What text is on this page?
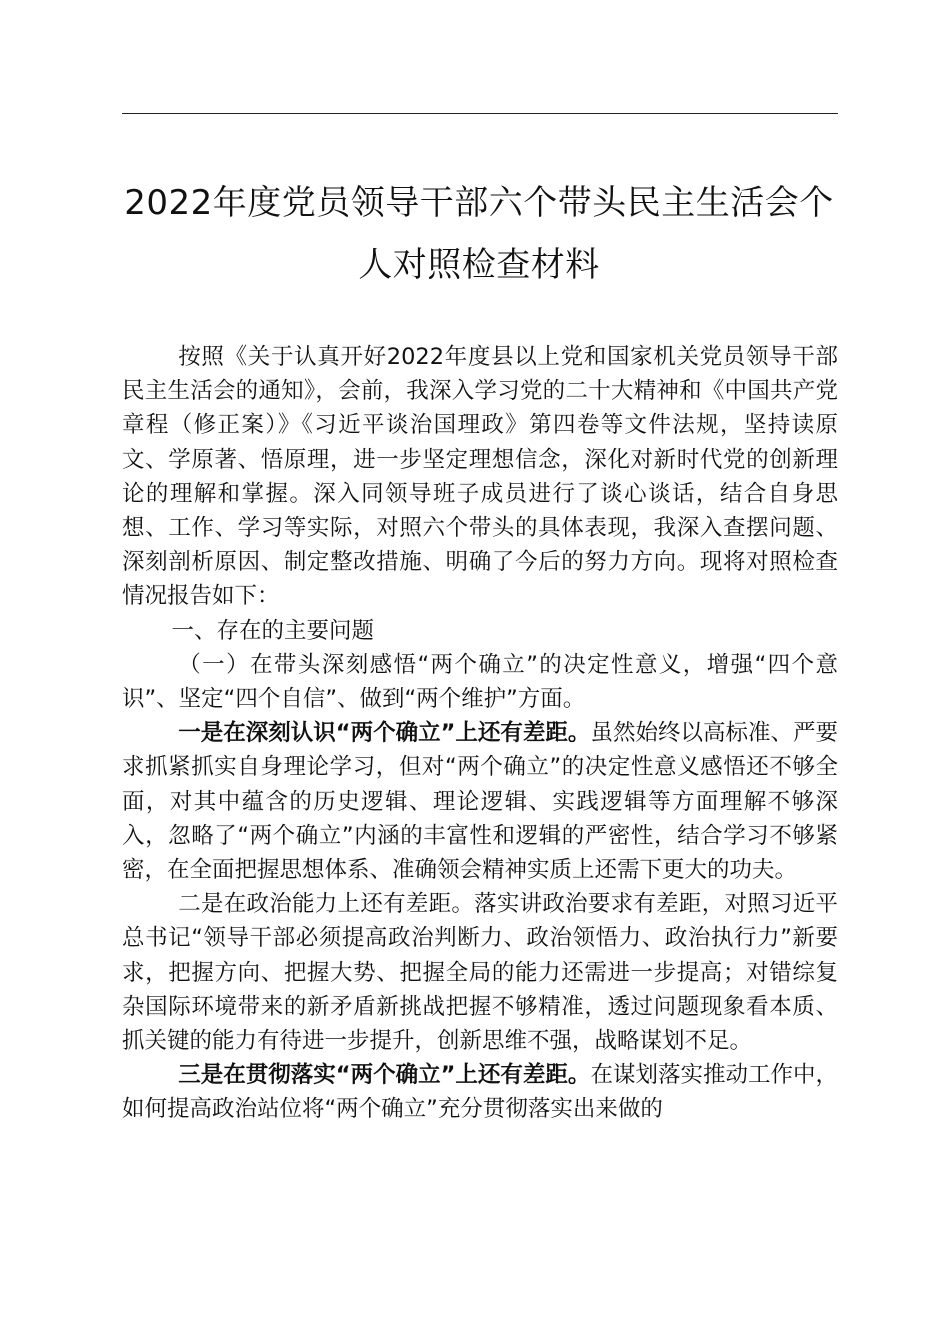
2022年度党员领导干部六个带头民主生活会个
人对照检查材料

按照《关于认真开好2022年度县以上党和国家机关党员领导干部民主生活会的通知》，会前，我深入学习党的二十大精神和《中国共产党章程（修正案）》《习近平谈治国理政》第四卷等文件法规，坚持读原文、学原著、悟原理，进一步坚定理想信念，深化对新时代党的创新理论的理解和掌握。深入同领导班子成员进行了谈心谈话，结合自身思想、工作、学习等实际，对照六个带头的具体表现，我深入查摆问题、深刻剖析原因、制定整改措施、明确了今后的努力方向。现将对照检查情况报告如下：

一、存在的主要问题

（一）在带头深刻感悟“两个确立”的决定性意义，增强“四个意识”、坚定“四个自信”、做到“两个维护”方面。

一是在深刻认识“两个确立”上还有差距。虽然始终以高标准、严要求抓紧抓实自身理论学习，但对“两个确立”的决定性意义感悟还不够全面，对其中蕴含的历史逻辑、理论逻辑、实践逻辑等方面理解不够深入，忽略了“两个确立”内涵的丰富性和逻辑的严密性，结合学习不够紧密，在全面把握思想体系、准确领会精神实质上还需下更大的功夫。

二是在政治能力上还有差距。落实讲政治要求有差距，对照习近平总书记“领导干部必须提高政治判断力、政治领悟力、政治执行力”新要求，把握方向、把握大势、把握全局的能力还需进一步提高；对错综复杂国际环境带来的新矛盾新挑战把握不够精准，透过问题现象看本质、抓关键的能力有待进一步提升，创新思维不强，战略谋划不足。

三是在贯彻落实“两个确立”上还有差距。在谋划落实推动工作中，如何提高政治站位将“两个确立”充分贯彻落实出来做的
